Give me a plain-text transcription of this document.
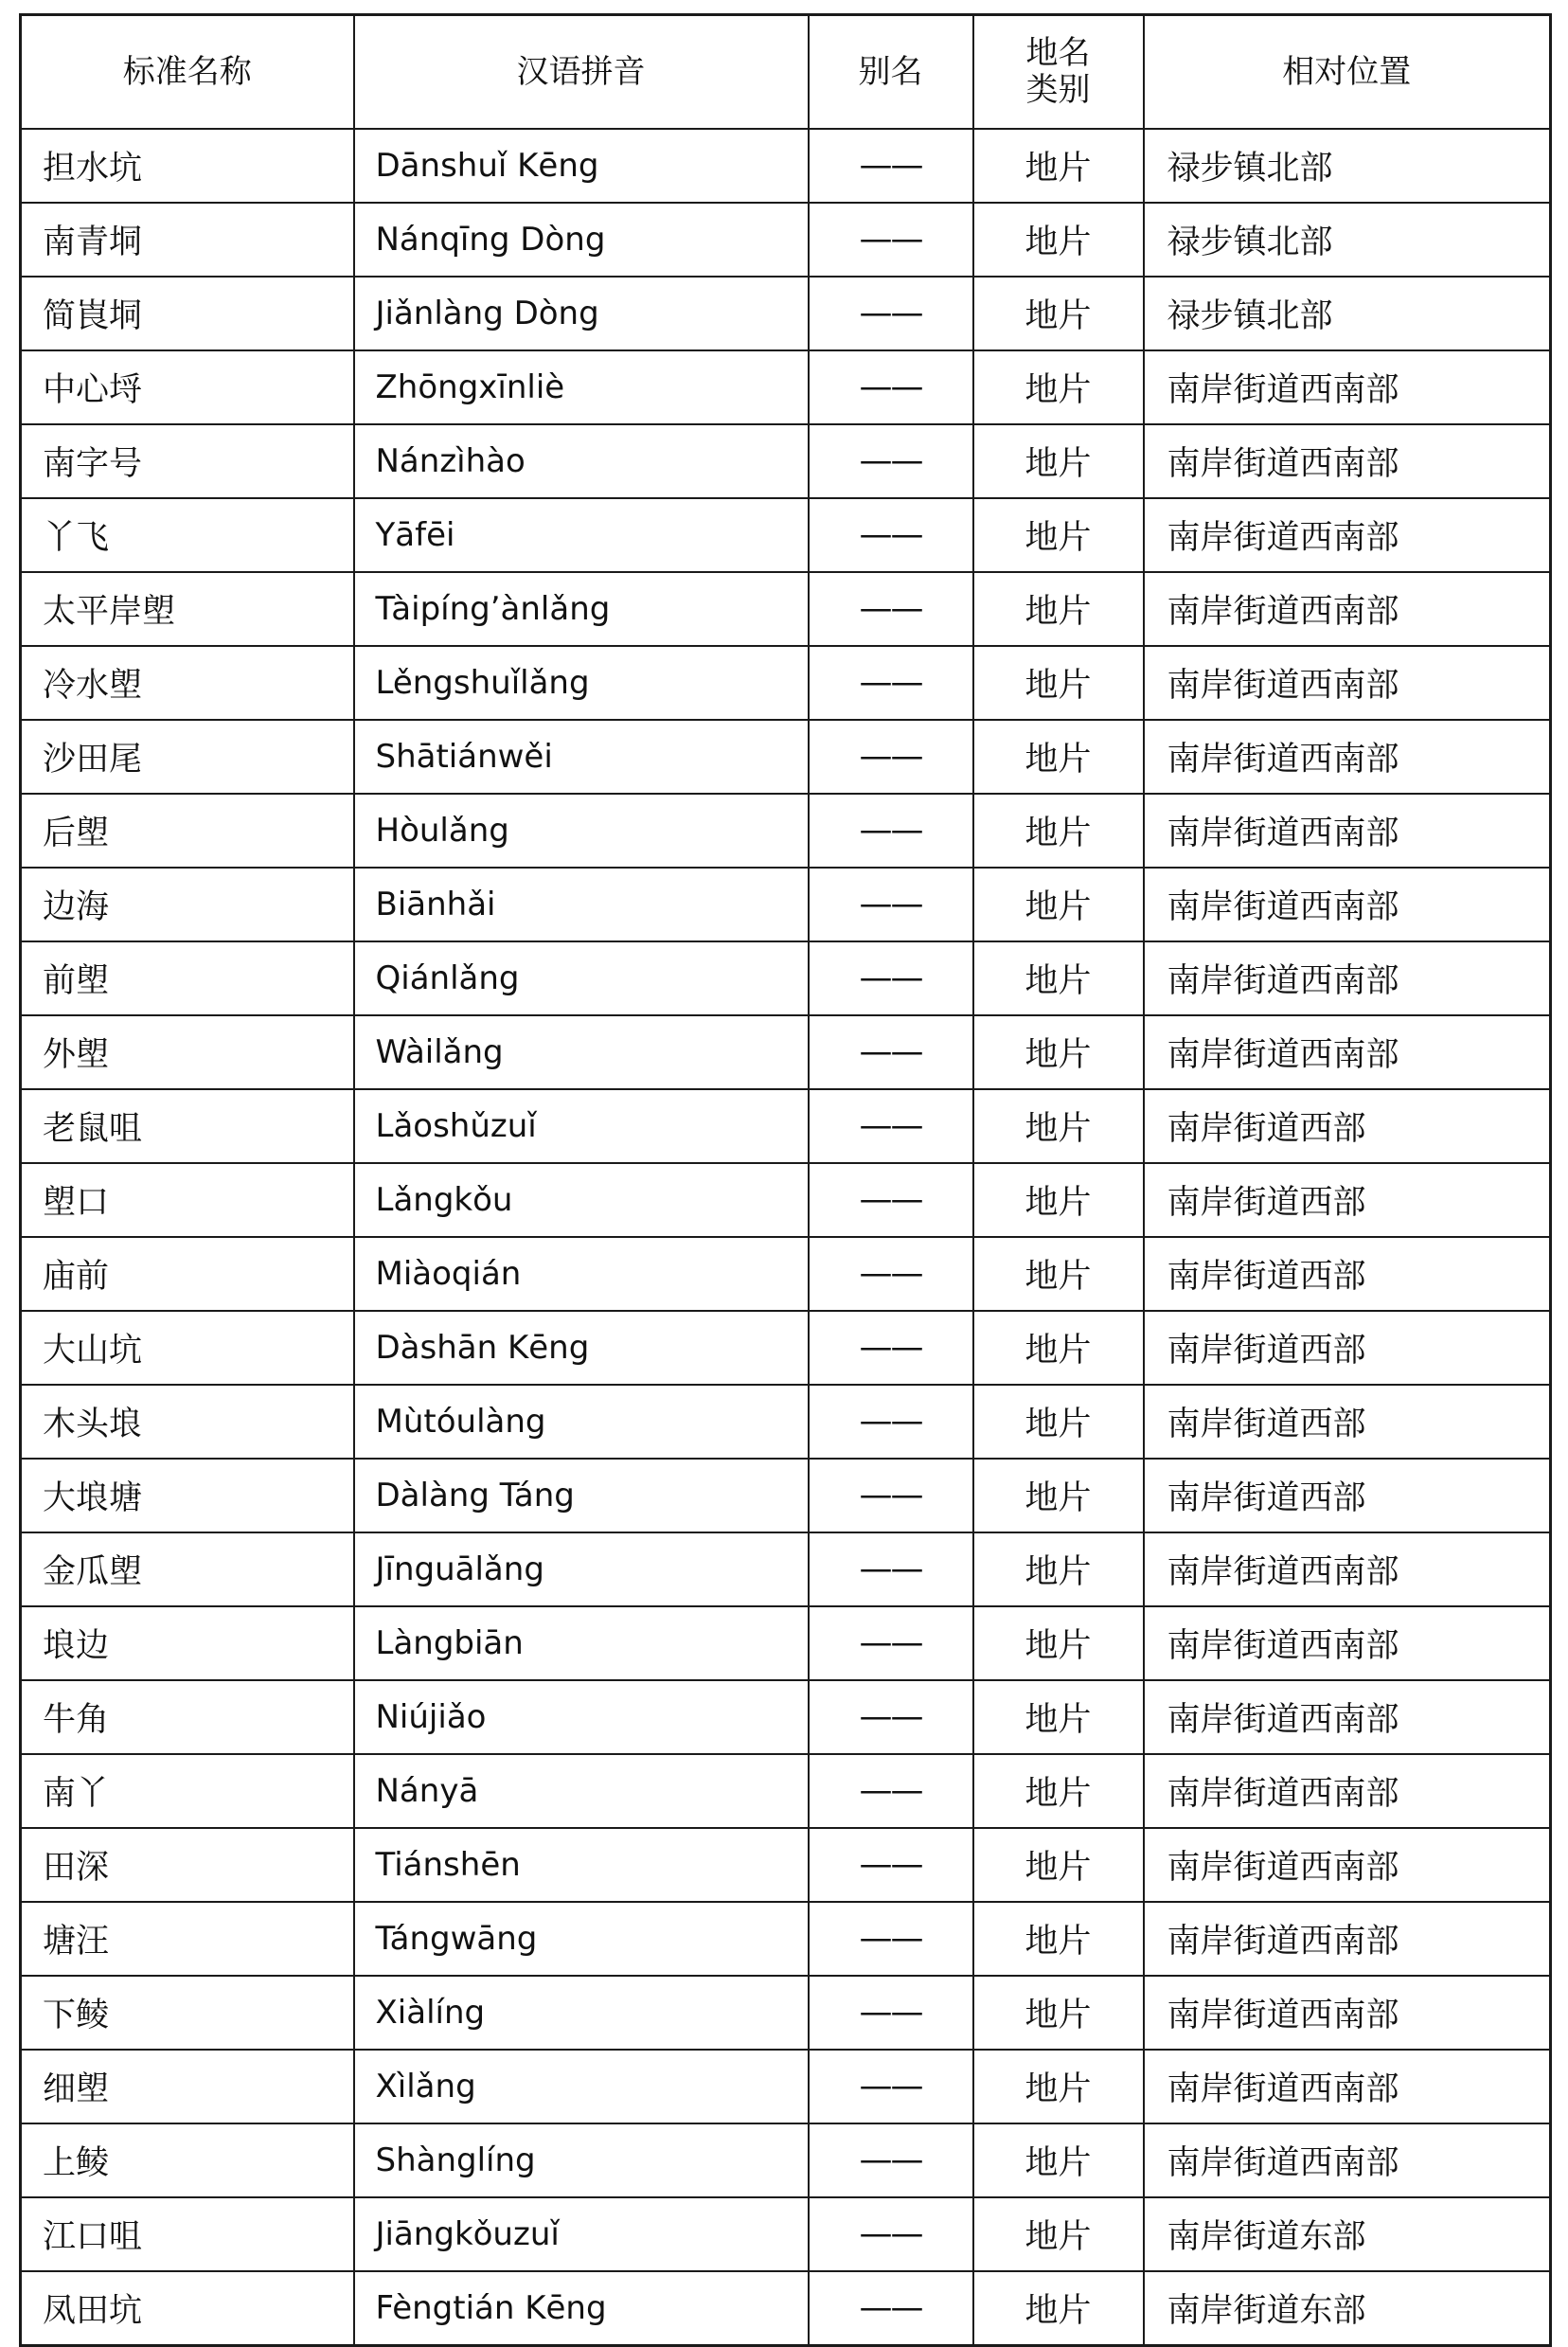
标准名称	汉语拼音	别名	地名类别	相对位置
担水坑	Dānshuǐ Kēng	——	地片	禄步镇北部
南青垌	Nánqīng Dòng	——	地片	禄步镇北部
简崀垌	Jiǎnlàng Dòng	——	地片	禄步镇北部
中心埒	Zhōngxīnliè	——	地片	南岸街道西南部
南字号	Nánzìhào	——	地片	南岸街道西南部
丫飞	Yāfēi	——	地片	南岸街道西南部
太平岸塱	Tàipíng’ànlǎng	——	地片	南岸街道西南部
冷水塱	Lěngshuǐlǎng	——	地片	南岸街道西南部
沙田尾	Shātiánwěi	——	地片	南岸街道西南部
后塱	Hòulǎng	——	地片	南岸街道西南部
边海	Biānhǎi	——	地片	南岸街道西南部
前塱	Qiánlǎng	——	地片	南岸街道西南部
外塱	Wàilǎng	——	地片	南岸街道西南部
老鼠咀	Lǎoshǔzuǐ	——	地片	南岸街道西部
塱口	Lǎngkǒu	——	地片	南岸街道西部
庙前	Miàoqián	——	地片	南岸街道西部
大山坑	Dàshān Kēng	——	地片	南岸街道西部
木头埌	Mùtóulàng	——	地片	南岸街道西部
大埌塘	Dàlàng Táng	——	地片	南岸街道西部
金瓜塱	Jīnguālǎng	——	地片	南岸街道西南部
埌边	Làngbiān	——	地片	南岸街道西南部
牛角	Niújiǎo	——	地片	南岸街道西南部
南丫	Nányā	——	地片	南岸街道西南部
田深	Tiánshēn	——	地片	南岸街道西南部
塘汪	Tángwāng	——	地片	南岸街道西南部
下鲮	Xiàlíng	——	地片	南岸街道西南部
细塱	Xìlǎng	——	地片	南岸街道西南部
上鲮	Shànglíng	——	地片	南岸街道西南部
江口咀	Jiāngkǒuzuǐ	——	地片	南岸街道东部
凤田坑	Fèngtián Kēng	——	地片	南岸街道东部
